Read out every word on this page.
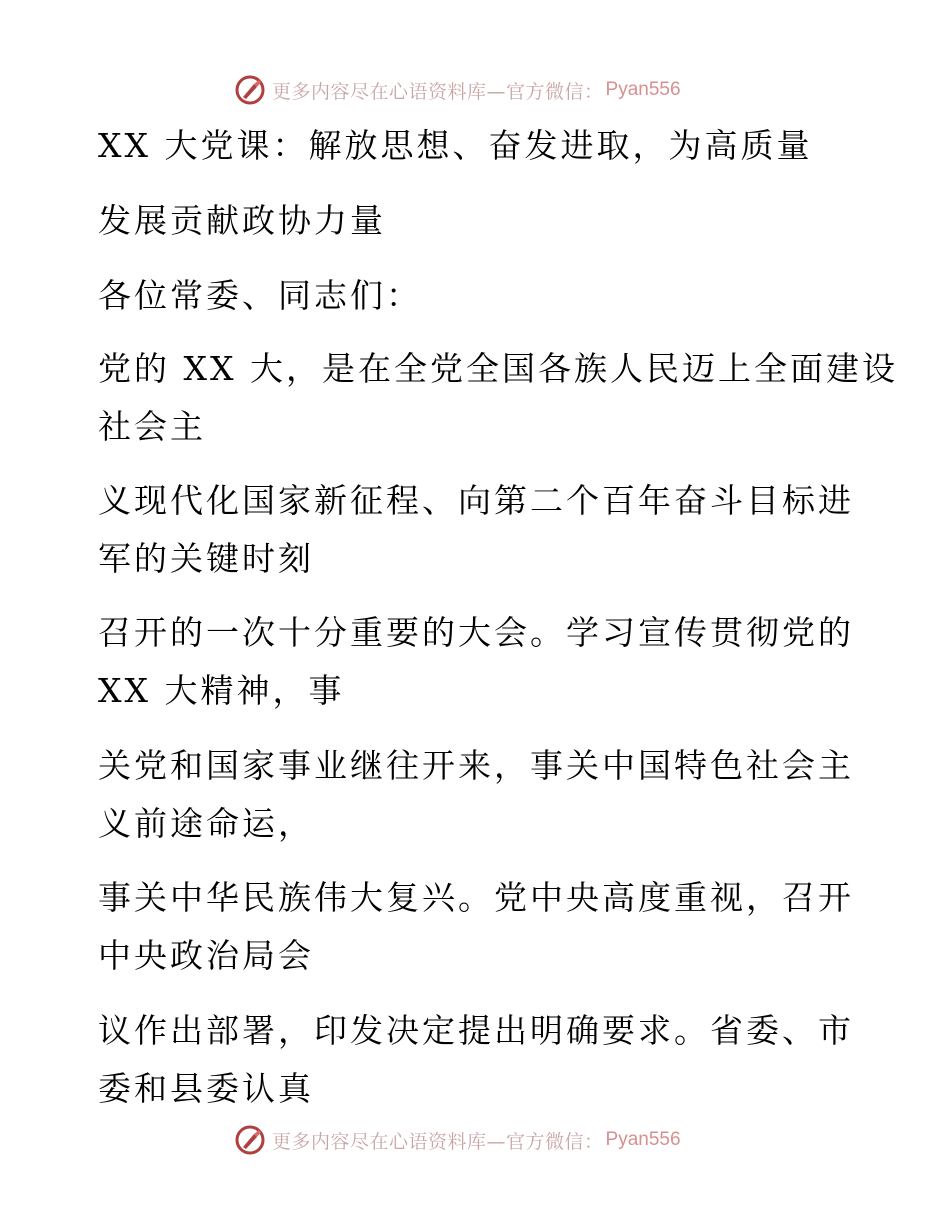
更多内容尽在心语资料库—官方微信： Pyan556
XX 大党课：解放思想、奋发进取，为高质量
发展贡献政协力量
各位常委、同志们：
党的 XX 大，是在全党全国各族人民迈上全面建设
社会主
义现代化国家新征程、向第二个百年奋斗目标进
军的关键时刻
召开的一次十分重要的大会。学习宣传贯彻党的
XX 大精神，事
关党和国家事业继往开来，事关中国特色社会主
义前途命运，
事关中华民族伟大复兴。党中央高度重视，召开
中央政治局会
议作出部署，印发决定提出明确要求。省委、市
委和县委认真
更多内容尽在心语资料库—官方微信： Pyan556
